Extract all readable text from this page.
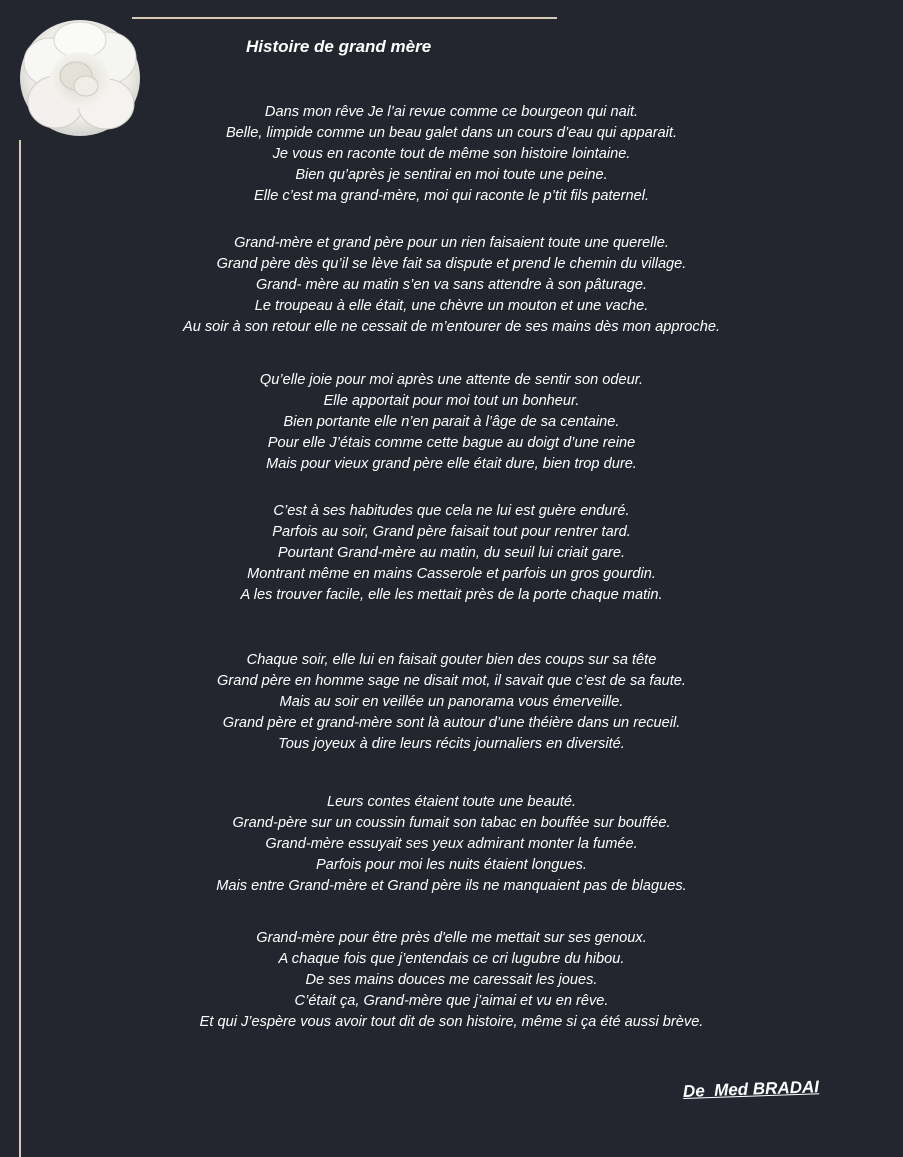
Histoire de grand mère
Dans mon rêve Je l’ai revue comme ce bourgeon qui nait.
Belle, limpide comme un beau galet dans un cours d’eau qui apparait.
Je vous en raconte tout de même son histoire lointaine.
Bien qu’après je sentirai en moi toute une peine.
Elle c’est ma grand-mère, moi qui raconte le p’tit fils paternel.
Grand-mère et grand père pour un rien faisaient toute une querelle.
Grand père dès qu’il se lève fait sa dispute et prend le chemin du village.
Grand- mère au matin s’en va sans attendre à son pâturage.
Le troupeau à elle était, une chèvre un mouton et une vache.
Au soir à son retour elle ne cessait de m’entourer de ses mains dès mon approche.
Qu’elle joie pour moi après une attente de sentir son odeur.
Elle apportait pour moi tout un bonheur.
Bien portante elle n’en parait à l’âge de sa centaine.
Pour elle J’étais comme cette bague au doigt d’une reine
Mais pour vieux grand père elle était dure, bien trop dure.
C’est à ses habitudes que cela ne lui est guère enduré.
Parfois au soir, Grand père faisait tout pour rentrer tard.
Pourtant Grand-mère au matin, du seuil lui criait gare.
Montrant même en mains Casserole et parfois un gros gourdin.
A les trouver facile, elle les mettait près de la porte chaque matin.
Chaque soir, elle lui en faisait gouter bien des coups sur sa tête
Grand père en homme sage ne disait mot, il savait que c’est de sa faute.
Mais au soir en veillée un panorama vous émerveille.
Grand père et grand-mère sont là autour d’une théière dans un recueil.
Tous joyeux à dire leurs récits journaliers en diversité.
Leurs contes étaient toute une beauté.
Grand-père sur un coussin fumait son tabac en bouffée sur bouffée.
Grand-mère essuyait ses yeux admirant monter la fumée.
Parfois pour moi les nuits étaient longues.
Mais entre Grand-mère et Grand père ils ne manquaient pas de blagues.
Grand-mère pour être près d'elle me mettait sur ses genoux.
A chaque fois que j’entendais ce cri lugubre du hibou.
De ses mains douces me caressait les joues.
C’était ça, Grand-mère que j’aimai et vu en rêve.
Et qui J’espère vous avoir tout dit de son histoire, même si ça été aussi brève.
De  Med BRADAI
